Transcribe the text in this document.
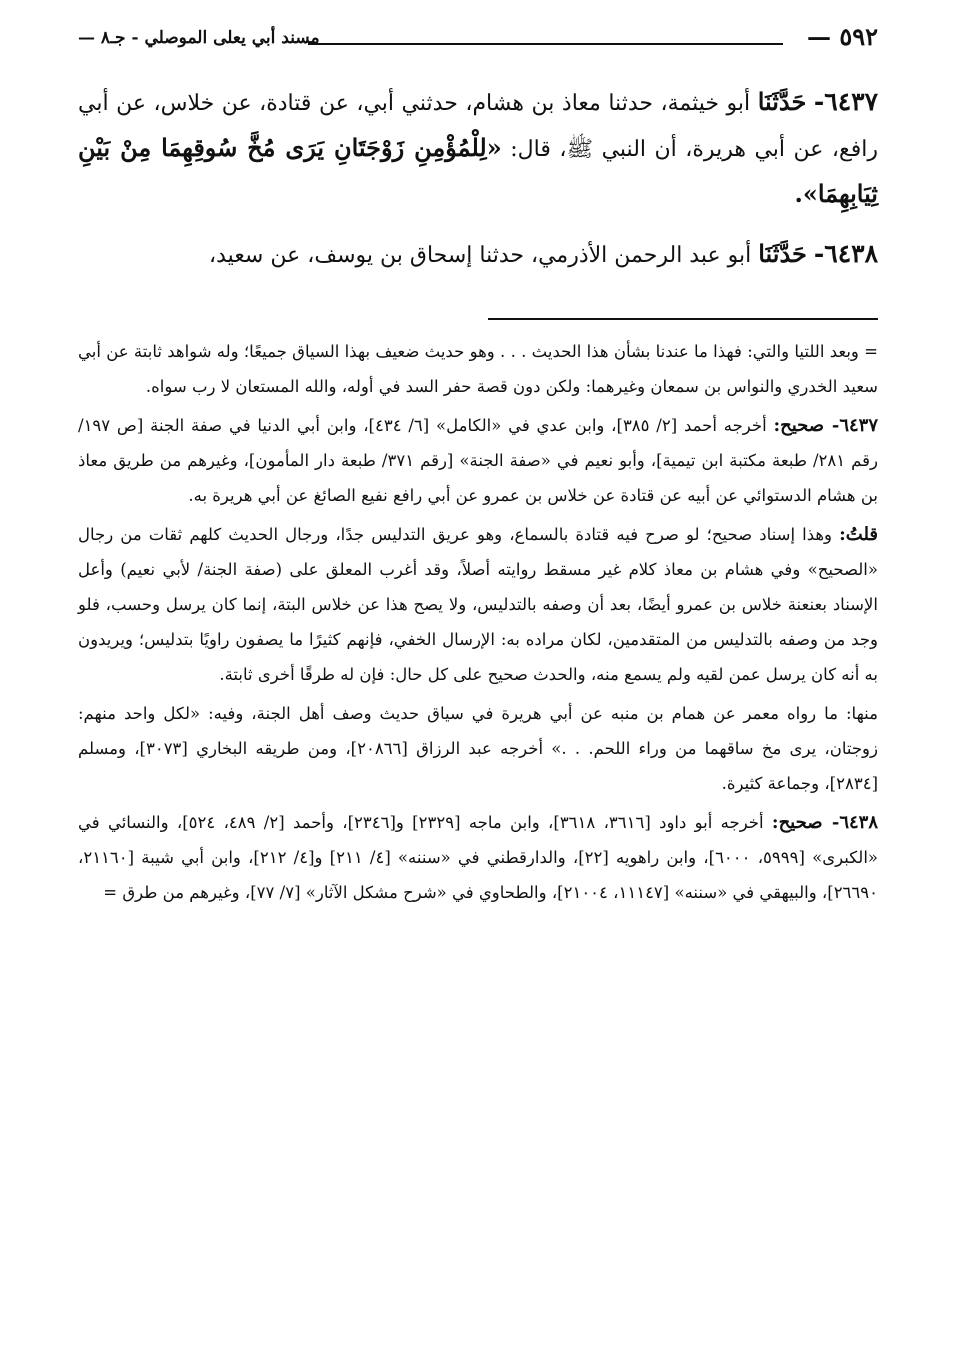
مسند أبي يعلى الموصلي - جـ٨ —	٥٩٢ —

٦٤٣٧- حَدَّثَنَا أبو خيثمة، حدثنا معاذ بن هشام، حدثني أبي، عن قتادة، عن خلاس، عن أبي رافع، عن أبي هريرة، أن النبي ﷺ، قال: «لِلْمُؤْمِنِ زَوْجَتَانِ يَرَى مُخَّ سُوقِهِمَا مِنْ بَيْنِ ثِيَابِهِمَا».

٦٤٣٨- حَدَّثَنَا أبو عبد الرحمن الأذرمي، حدثنا إسحاق بن يوسف، عن سعيد،

= وبعد اللتيا والتي: فهذا ما عندنا بشأن هذا الحديث . . . وهو حديث ضعيف بهذا السياق جميعًا؛ وله شواهد ثابتة عن أبي سعيد الخدري والنواس بن سمعان وغيرهما: ولكن دون قصة حفر السد في أوله، والله المستعان لا رب سواه.

٦٤٣٧- صحيح: أخرجه أحمد [٢/ ٣٨٥]، وابن عدي في «الكامل» [٦/ ٤٣٤]، وابن أبي الدنيا في صفة الجنة [ص ١٩٧/ رقم ٢٨١/ طبعة مكتبة ابن تيمية]، وأبو نعيم في «صفة الجنة» [رقم ٣٧١/ طبعة دار المأمون]، وغيرهم من طريق معاذ بن هشام الدستوائي عن أبيه عن قتادة عن خلاس بن عمرو عن أبي رافع نفيع الصائغ عن أبي هريرة به.

قلتُ: وهذا إسناد صحيح؛ لو صرح فيه قتادة بالسماع، وهو عريق التدليس جدًا، ورجال الحديث كلهم ثقات من رجال «الصحيح» وفي هشام بن معاذ كلام غير مسقط روايته أصلاً، وقد أغرب المعلق على (صفة الجنة/ لأبي نعيم) وأعل الإسناد بعنعنة خلاس بن عمرو أيضًا، بعد أن وصفه بالتدليس، ولا يصح هذا عن خلاس البتة، إنما كان يرسل وحسب، فلو وجد من وصفه بالتدليس من المتقدمين، لكان مراده به: الإرسال الخفي، فإنهم كثيرًا ما يصفون راويًا بتدليس؛ ويريدون به أنه كان يرسل عمن لقيه ولم يسمع منه، والحدث صحيح على كل حال: فإن له طرقًا أخرى ثابتة.

منها: ما رواه معمر عن همام بن منبه عن أبي هريرة في سياق حديث وصف أهل الجنة، وفيه: «لكل واحد منهم: زوجتان، يرى مخ ساقهما من وراء اللحم. . .» أخرجه عبد الرزاق [٢٠٨٦٦]، ومن طريقه البخاري [٣٠٧٣]، ومسلم [٢٨٣٤]، وجماعة كثيرة.

٦٤٣٨- صحيح: أخرجه أبو داود [٣٦١٦، ٣٦١٨]، وابن ماجه [٢٣٢٩] و[٢٣٤٦]، وأحمد [٢/ ٤٨٩، ٥٢٤]، والنسائي في «الكبرى» [٥٩٩٩، ٦٠٠٠]، وابن راهويه [٢٢]، والدارقطني في «سننه» [٤/ ٢١١] و[٤/ ٢١٢]، وابن أبي شيبة [٢١١٦٠، ٢٦٦٩٠]، والبيهقي في «سننه» [١١١٤٧، ٢١٠٠٤]، والطحاوي في «شرح مشكل الآثار» [٧/ ٧٧]، وغيرهم من طرق =
